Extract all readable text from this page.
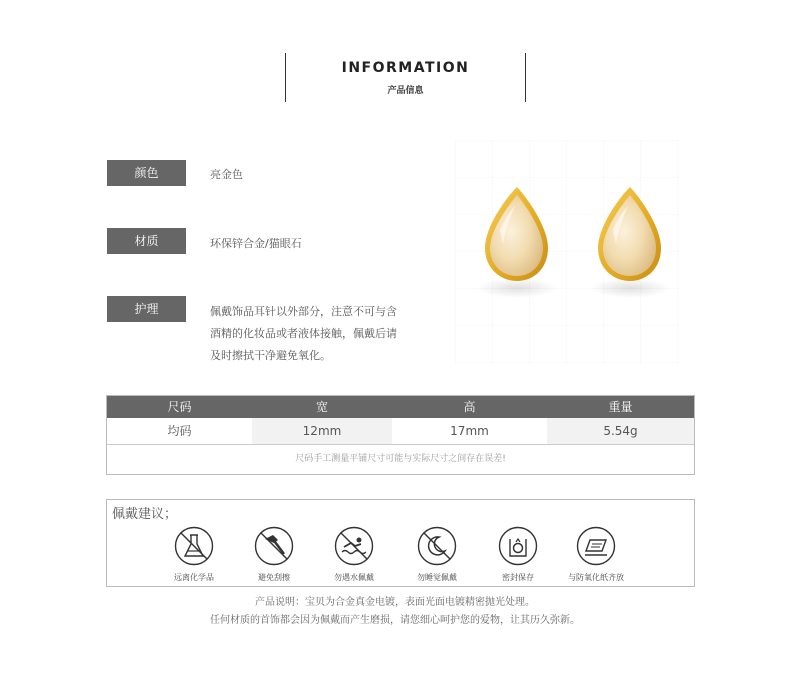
INFORMATION
产品信息
颜色	亮金色
材质	环保锌合金/猫眼石
护理	佩戴饰品耳针以外部分，注意不可与含
酒精的化妆品或者液体接触，佩戴后请
及时擦拭干净避免氧化。
尺码	宽	高	重量
均码	12mm	17mm	5.54g
尺码手工测量平铺尺寸可能与实际尺寸之间存在误差!
佩戴建议；
远离化学品	避免刮擦	勿遇水佩戴	勿睡觉佩戴	密封保存	与防氧化纸齐放
产品说明：宝贝为合金真金电镀，表面光面电镀精密抛光处理。
任何材质的首饰都会因为佩戴而产生磨损，请您细心呵护您的爱物，让其历久弥新。
